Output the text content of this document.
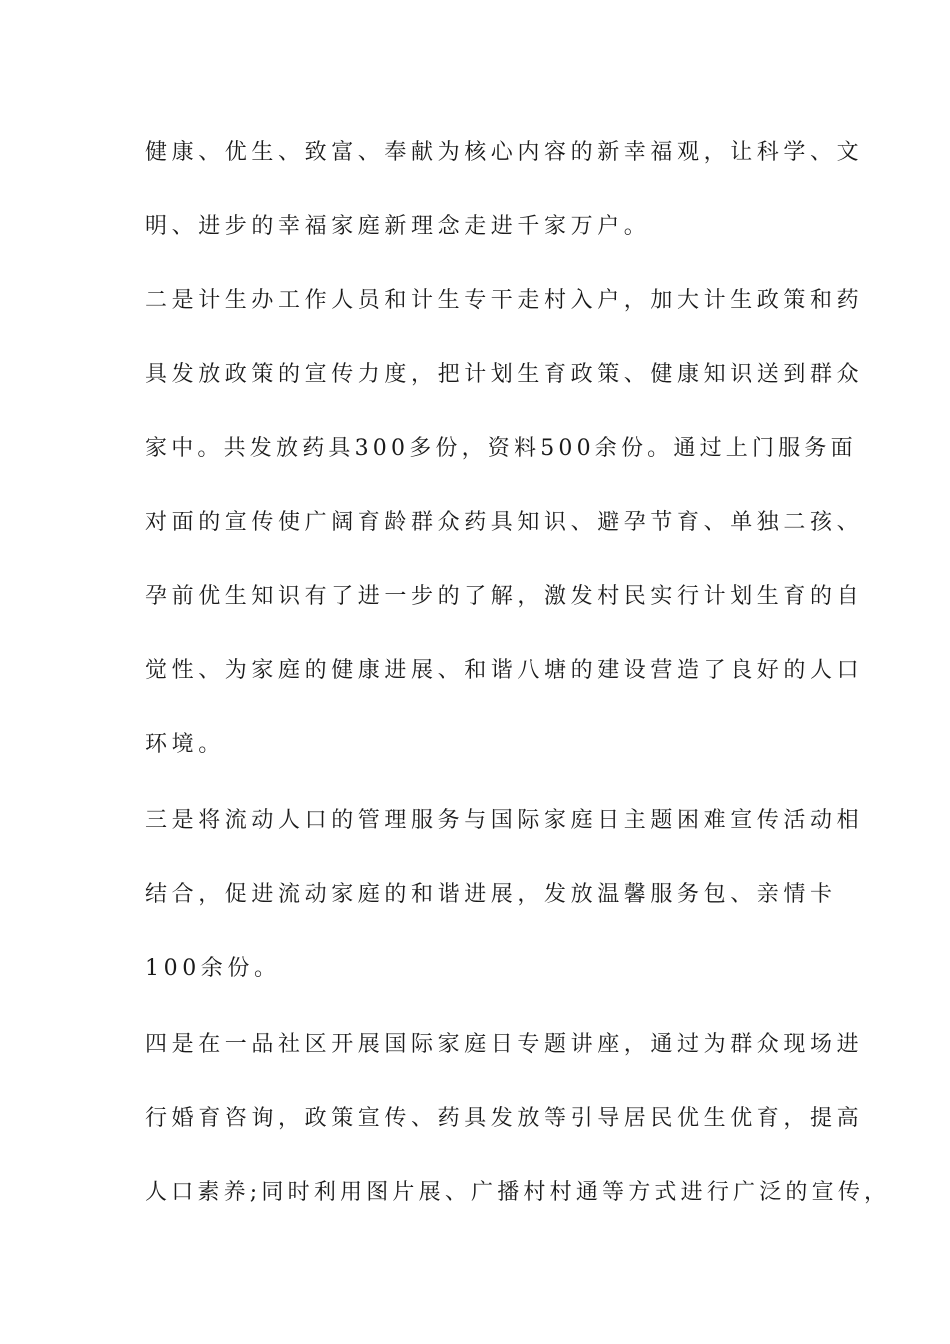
健康、优生、致富、奉献为核心内容的新幸福观，让科学、文
明、进步的幸福家庭新理念走进千家万户。
二是计生办工作人员和计生专干走村入户，加大计生政策和药
具发放政策的宣传力度，把计划生育政策、健康知识送到群众
家中。共发放药具300多份，资料500余份。通过上门服务面
对面的宣传使广阔育龄群众药具知识、避孕节育、单独二孩、
孕前优生知识有了进一步的了解，激发村民实行计划生育的自
觉性、为家庭的健康进展、和谐八塘的建设营造了良好的人口
环境。
三是将流动人口的管理服务与国际家庭日主题困难宣传活动相
结合，促进流动家庭的和谐进展，发放温馨服务包、亲情卡
100余份。
四是在一品社区开展国际家庭日专题讲座，通过为群众现场进
行婚育咨询，政策宣传、药具发放等引导居民优生优育，提高
人口素养;同时利用图片展、广播村村通等方式进行广泛的宣传，
